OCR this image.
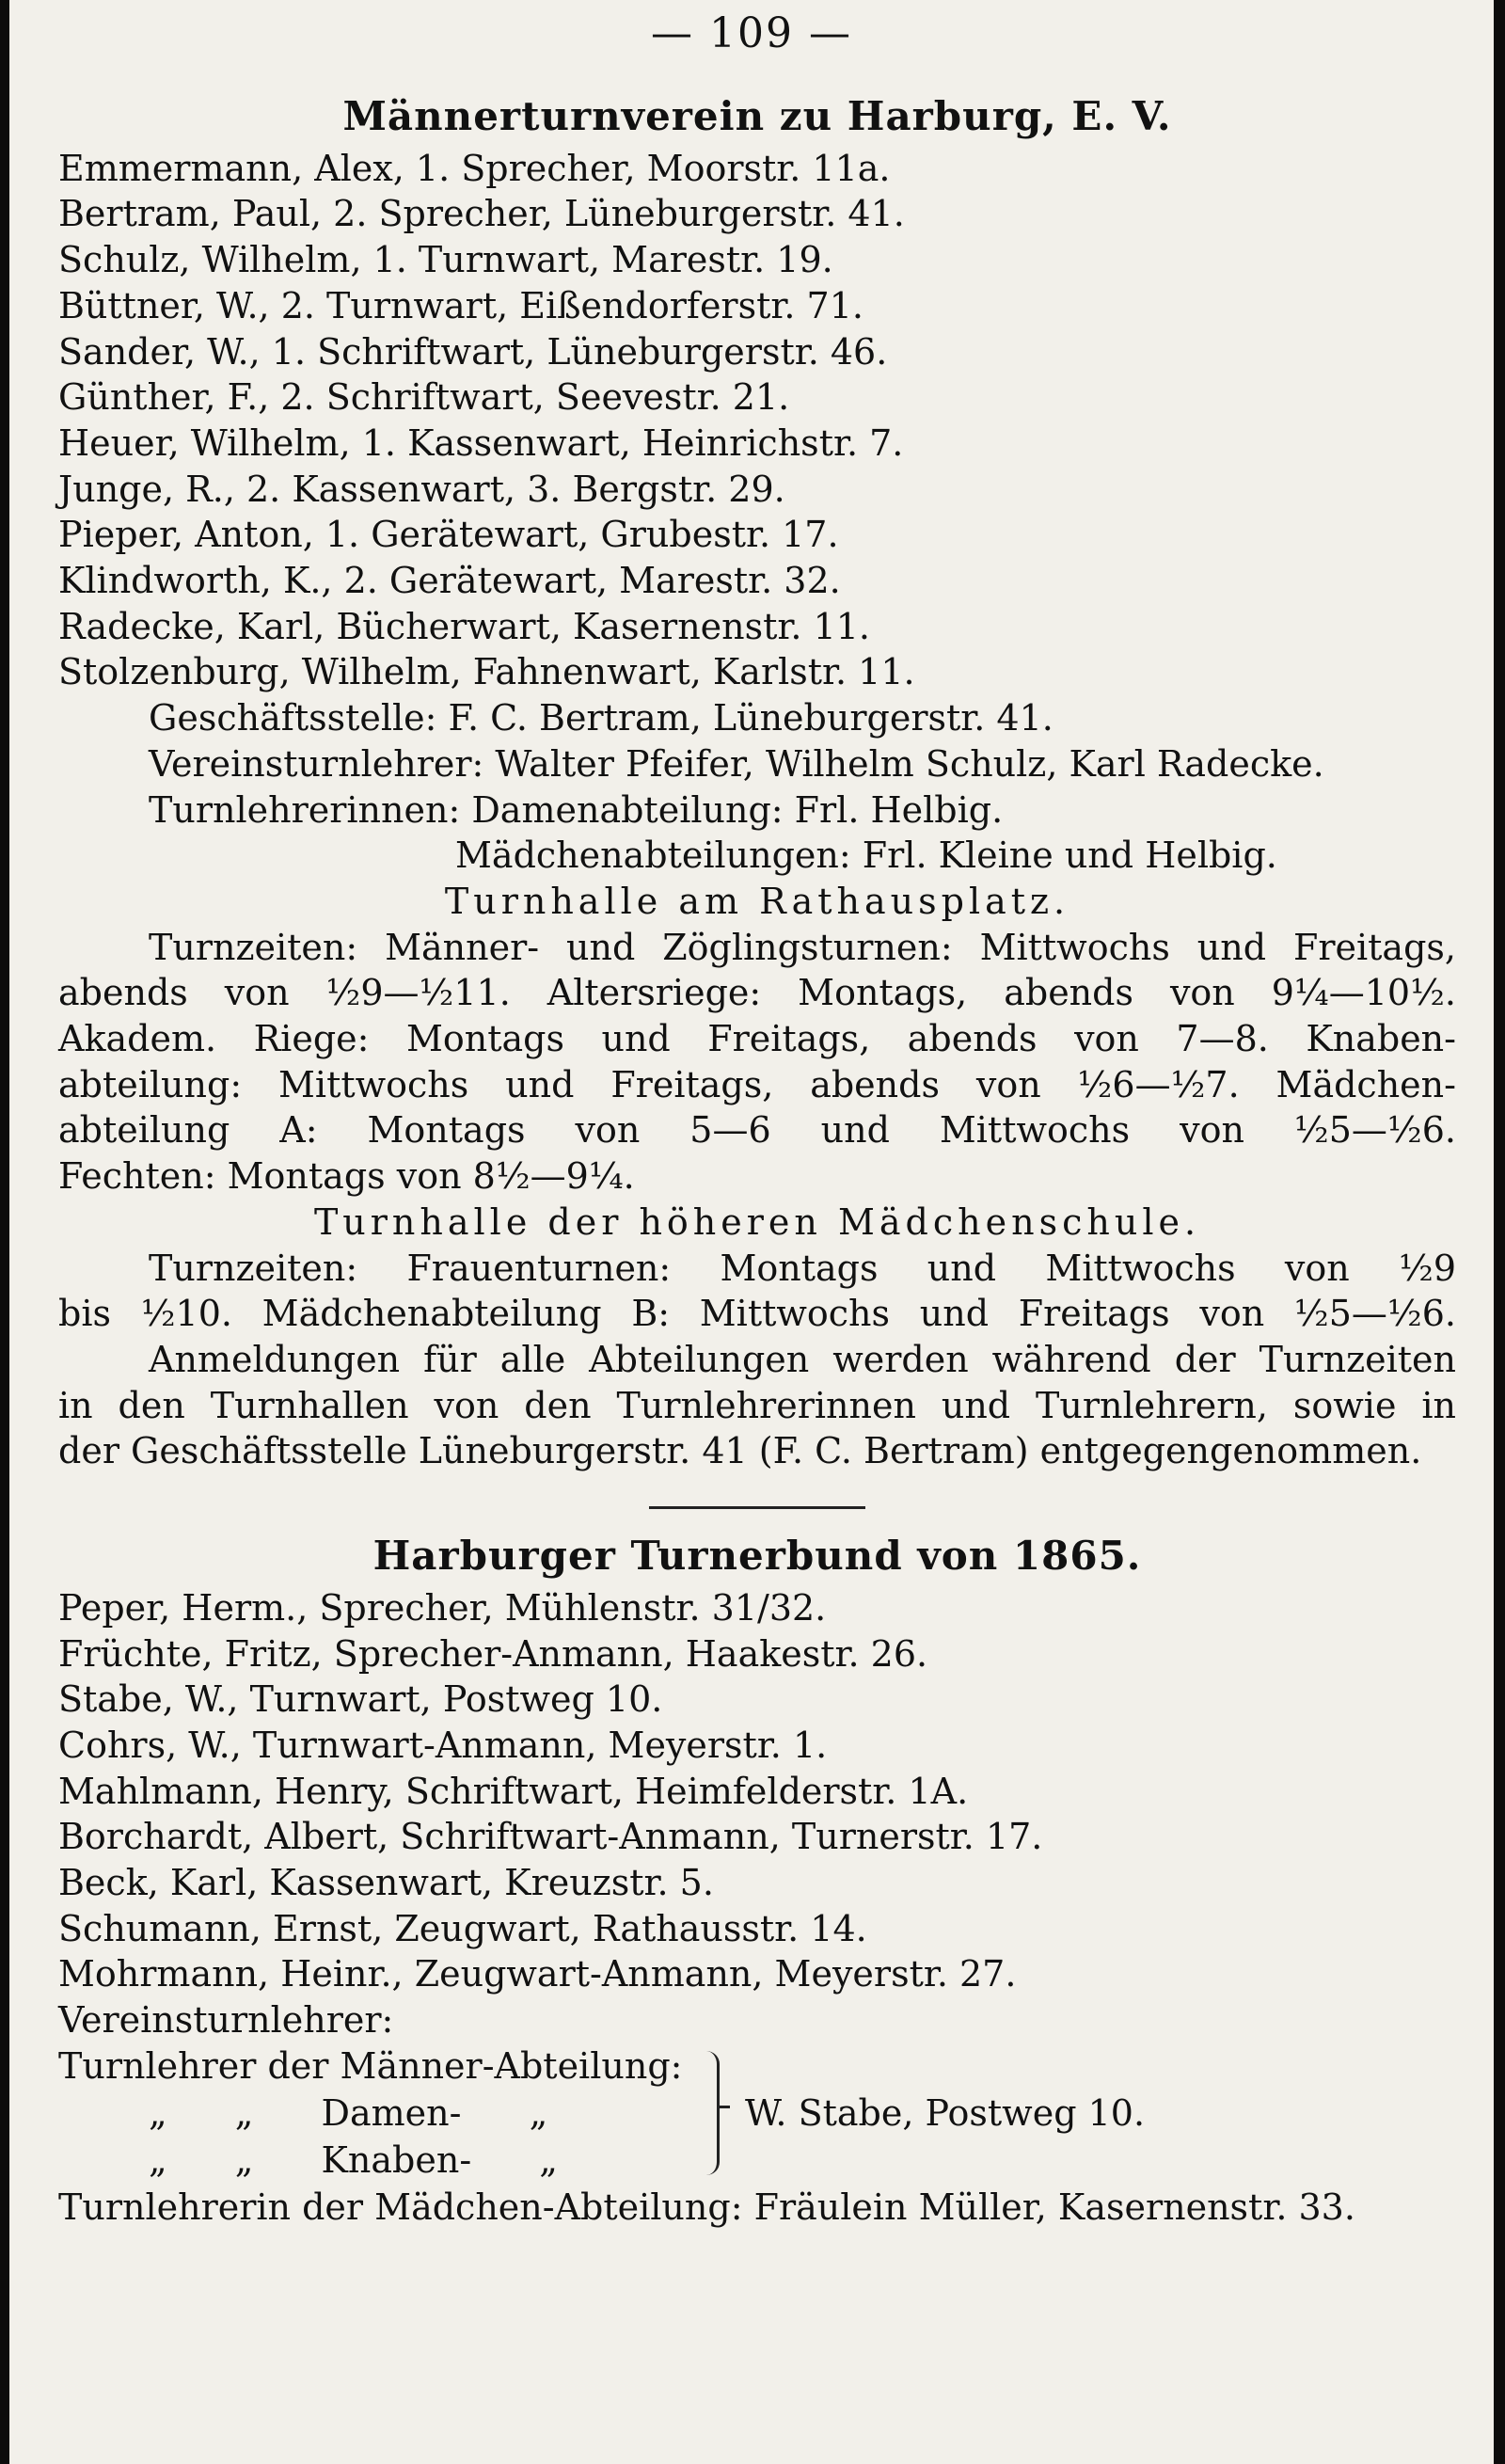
— 109 —
Männerturnverein zu Harburg, E. V.
Emmermann, Alex, 1. Sprecher, Moorstr. 11a.
Bertram, Paul, 2. Sprecher, Lüneburgerstr. 41.
Schulz, Wilhelm, 1. Turnwart, Marestr. 19.
Büttner, W., 2. Turnwart, Eißendorferstr. 71.
Sander, W., 1. Schriftwart, Lüneburgerstr. 46.
Günther, F., 2. Schriftwart, Seevestr. 21.
Heuer, Wilhelm, 1. Kassenwart, Heinrichstr. 7.
Junge, R., 2. Kassenwart, 3. Bergstr. 29.
Pieper, Anton, 1. Gerätewart, Grubestr. 17.
Klindworth, K., 2. Gerätewart, Marestr. 32.
Radecke, Karl, Bücherwart, Kasernenstr. 11.
Stolzenburg, Wilhelm, Fahnenwart, Karlstr. 11.
Geschäftsstelle: F. C. Bertram, Lüneburgerstr. 41.
Vereinsturnlehrer: Walter Pfeifer, Wilhelm Schulz, Karl Radecke.
Turnlehrerinnen: Damenabteilung: Frl. Helbig.
Mädchenabteilungen: Frl. Kleine und Helbig.
Turnhalle am Rathausplatz.
Turnzeiten: Männer- und Zöglingsturnen: Mittwochs und Freitags,
abends von ½9—½11. Altersriege: Montags, abends von 9¼—10½.
Akadem. Riege: Montags und Freitags, abends von 7—8. Knaben-
abteilung: Mittwochs und Freitags, abends von ½6—½7. Mädchen-
abteilung A: Montags von 5—6 und Mittwochs von ½5—½6.
Fechten: Montags von 8½—9¼.
Turnhalle der höheren Mädchenschule.
Turnzeiten: Frauenturnen: Montags und Mittwochs von ½9
bis ½10. Mädchenabteilung B: Mittwochs und Freitags von ½5—½6.
Anmeldungen für alle Abteilungen werden während der Turnzeiten
in den Turnhallen von den Turnlehrerinnen und Turnlehrern, sowie in
der Geschäftsstelle Lüneburgerstr. 41 (F. C. Bertram) entgegengenommen.
Harburger Turnerbund von 1865.
Peper, Herm., Sprecher, Mühlenstr. 31/32.
Früchte, Fritz, Sprecher-Anmann, Haakestr. 26.
Stabe, W., Turnwart, Postweg 10.
Cohrs, W., Turnwart-Anmann, Meyerstr. 1.
Mahlmann, Henry, Schriftwart, Heimfelderstr. 1A.
Borchardt, Albert, Schriftwart-Anmann, Turnerstr. 17.
Beck, Karl, Kassenwart, Kreuzstr. 5.
Schumann, Ernst, Zeugwart, Rathausstr. 14.
Mohrmann, Heinr., Zeugwart-Anmann, Meyerstr. 27.
Vereinsturnlehrer:
Turnlehrer der Männer-Abteilung:
„ „ Damen- „
„ „ Knaben- „
W. Stabe, Postweg 10.
Turnlehrerin der Mädchen-Abteilung: Fräulein Müller, Kasernenstr. 33.
